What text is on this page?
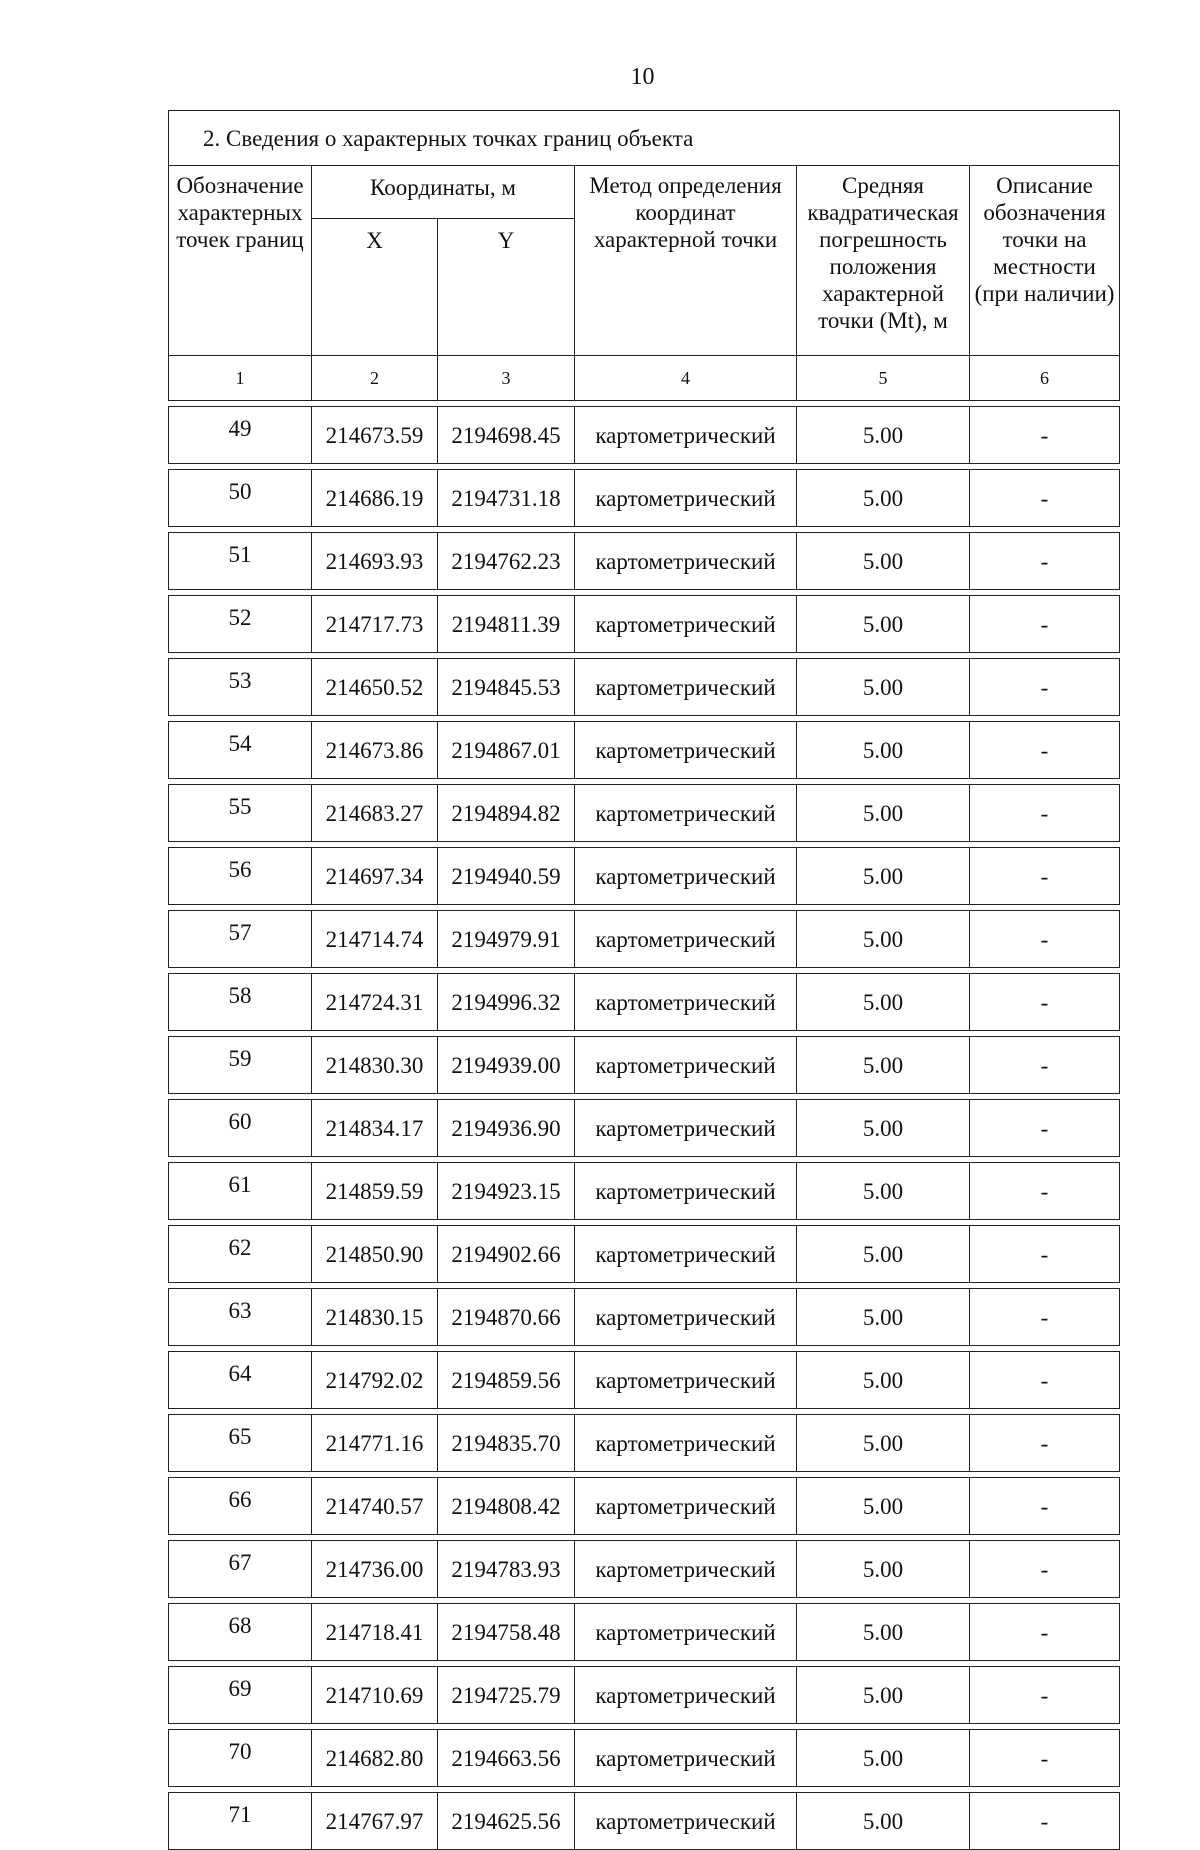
10
2. Сведения о характерных точках границ объекта					
Обозначение характерных точек границ	Координаты, м		Метод определения координат характерной точки	Средняя квадратическая погрешность положения характерной точки (Mt), м	Описание обозначения точки на местности (при наличии)
	X	Y			
1	2	3	4	5	6

49	214673.59	2194698.45	картометрический	5.00	-

50	214686.19	2194731.18	картометрический	5.00	-

51	214693.93	2194762.23	картометрический	5.00	-

52	214717.73	2194811.39	картометрический	5.00	-

53	214650.52	2194845.53	картометрический	5.00	-

54	214673.86	2194867.01	картометрический	5.00	-

55	214683.27	2194894.82	картометрический	5.00	-

56	214697.34	2194940.59	картометрический	5.00	-

57	214714.74	2194979.91	картометрический	5.00	-

58	214724.31	2194996.32	картометрический	5.00	-

59	214830.30	2194939.00	картометрический	5.00	-

60	214834.17	2194936.90	картометрический	5.00	-

61	214859.59	2194923.15	картометрический	5.00	-

62	214850.90	2194902.66	картометрический	5.00	-

63	214830.15	2194870.66	картометрический	5.00	-

64	214792.02	2194859.56	картометрический	5.00	-

65	214771.16	2194835.70	картометрический	5.00	-

66	214740.57	2194808.42	картометрический	5.00	-

67	214736.00	2194783.93	картометрический	5.00	-

68	214718.41	2194758.48	картометрический	5.00	-

69	214710.69	2194725.79	картометрический	5.00	-

70	214682.80	2194663.56	картометрический	5.00	-

71	214767.97	2194625.56	картометрический	5.00	-
